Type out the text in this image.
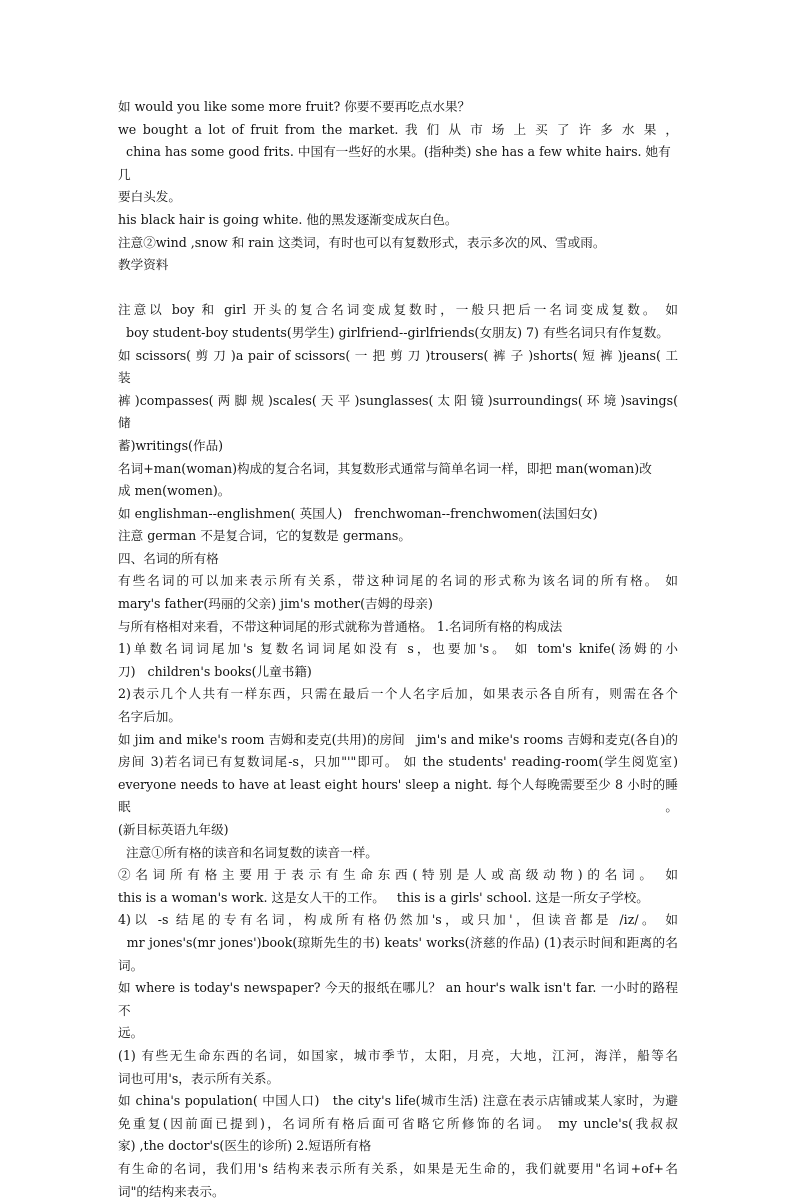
如 would you like some more fruit? 你要不要再吃点水果？

we bought a lot of fruit from the market. 我 们 从 市 场 上 买 了 许 多 水 果 ，

china has some good frits. 中国有一些好的水果。(指种类) she has a few white hairs. 她有几

要白头发。

his black hair is going white. 他的黑发逐渐变成灰白色。

注意②wind ,snow 和 rain 这类词，有时也可以有复数形式，表示多次的风、雪或雨。

教学资料

注意以 boy 和 girl 开头的复合名词变成复数时，一般只把后一名词变成复数。 如

boy student-boy students(男学生) girlfriend--girlfriends(女朋友) 7) 有些名词只有作复数。

如 scissors( 剪 刀 )a pair of scissors( 一 把 剪 刀 )trousers( 裤 子 )shorts( 短 裤 )jeans( 工 装

裤 )compasses( 两 脚 规 )scales( 天 平 )sunglasses( 太 阳 镜 )surroundings( 环 境 )savings( 储

蓄)writings(作品)

名词+man(woman)构成的复合名词，其复数形式通常与简单名词一样，即把 man(woman)改

成 men(women)。

如 englishman--englishmen( 英国人)   frenchwoman--frenchwomen(法国妇女)

注意 german 不是复合词，它的复数是 germans。

四、名词的所有格

有些名词的可以加来表示所有关系，带这种词尾的名词的形式称为该名词的所有格。 如

mary's father(玛丽的父亲) jim's mother(吉姆的母亲)

与所有格相对来看，不带这种词尾的形式就称为普通格。 1.名词所有格的构成法

1)单数名词词尾加's 复数名词词尾如没有 s，也要加's。 如 tom's knife(汤姆的小

刀)   children's books(儿童书籍)

2)表示几个人共有一样东西，只需在最后一个人名字后加，如果表示各自所有，则需在各个

名字后加。

如 jim and mike's room 吉姆和麦克(共用)的房间   jim's and mike's rooms 吉姆和麦克(各自)的

房间 3)若名词已有复数词尾-s，只加"'"即可。 如 the students' reading-room(学生阅览室)

everyone needs to have at least eight hours' sleep a night. 每个人每晚需要至少 8 小时的睡眠。

(新目标英语九年级)

注意①所有格的读音和名词复数的读音一样。

②名词所有格主要用于表示有生命东西(特别是人或高级动物)的名词。 如

this is a woman's work. 这是女人干的工作。   this is a girls' school. 这是一所女子学校。

4)以 -s 结尾的专有名词，构成所有格仍然加's，或只加'，但读音都是 /iz/。 如

mr jones's(mr jones')book(琼斯先生的书) keats' works(济慈的作品) (1)表示时间和距离的名

词。

如 where is today's newspaper? 今天的报纸在哪儿？ an hour's walk isn't far. 一小时的路程不

远。

(1) 有些无生命东西的名词，如国家，城市季节，太阳，月亮，大地，江河，海洋，船等名

词也可用's，表示所有关系。

如 china's population( 中国人口)   the city's life(城市生活) 注意在表示店铺或某人家时，为避

免重复(因前面已提到)，名词所有格后面可省略它所修饰的名词。 my uncle's(我叔叔

家) ,the doctor's(医生的诊所) 2.短语所有格

有生命的名词，我们用's 结构来表示所有关系，如果是无生命的，我们就要用"名词+of+名

词"的结构来表示。
